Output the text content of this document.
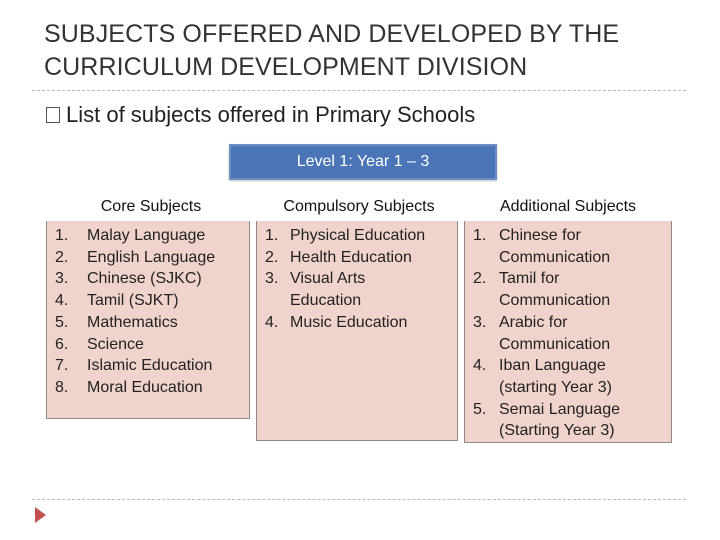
SUBJECTS OFFERED AND DEVELOPED BY THE CURRICULUM DEVELOPMENT DIVISION
List of subjects offered in Primary Schools
Level 1: Year 1 – 3
1.	Malay Language
2.	English Language
3.	Chinese (SJKC)
4.	Tamil (SJKT)
5.	Mathematics
6.	Science
7.	Islamic Education
8.	Moral Education
1. Physical Education
2. Health Education
3. Visual Arts Education
4. Music Education
1. Chinese for Communication
2. Tamil for Communication
3. Arabic for Communication
4. Iban Language (starting Year 3)
5. Semai Language (Starting Year 3)
Core Subjects	Compulsory Subjects	Additional Subjects
